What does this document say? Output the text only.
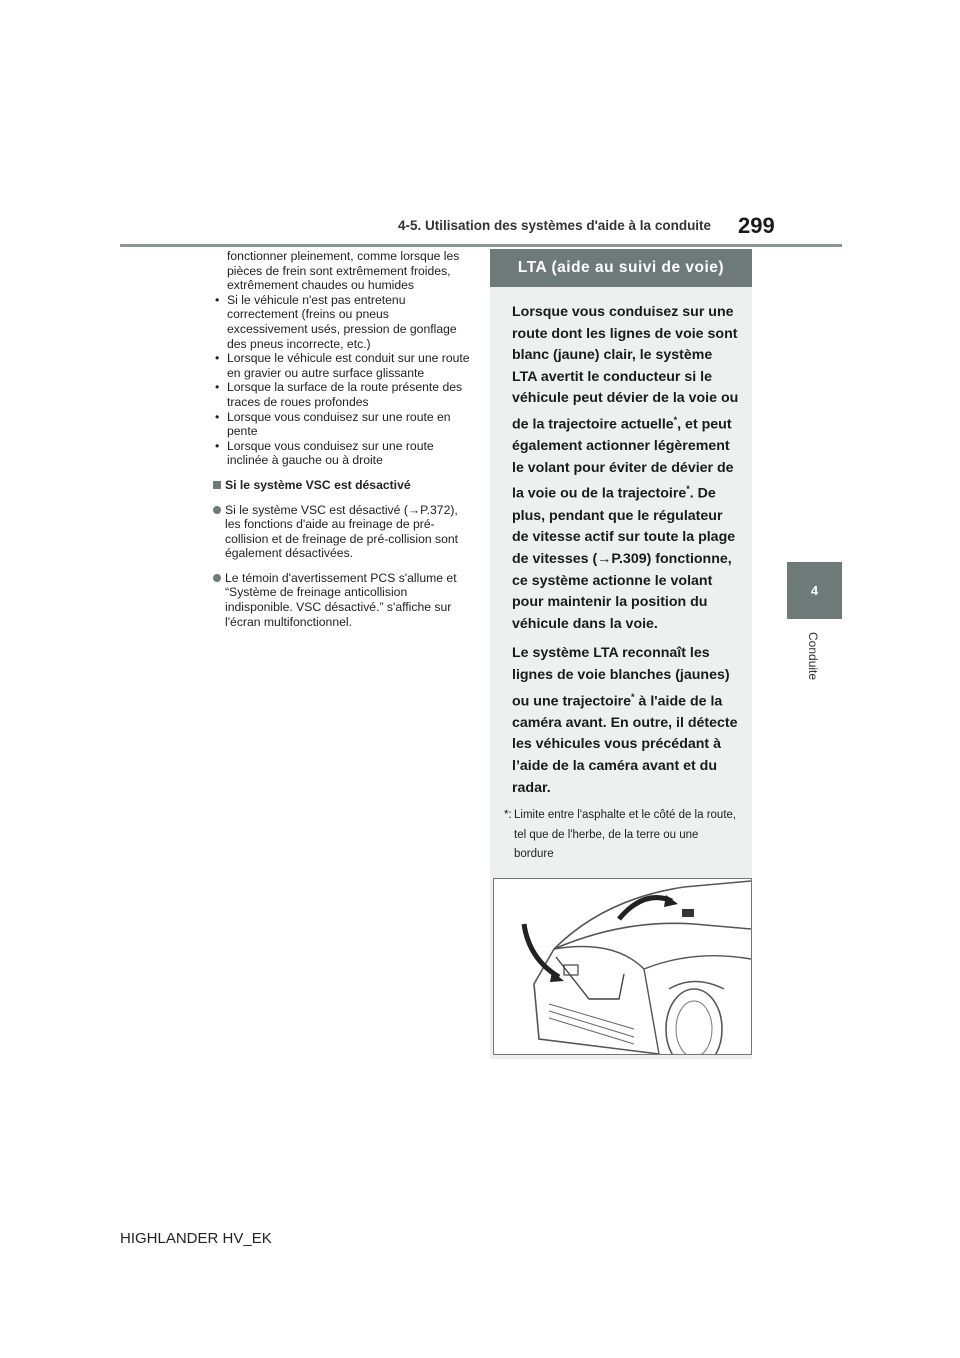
4-5. Utilisation des systèmes d'aide à la conduite 299
4
Conduite

fonctionner pleinement, comme lorsque les pièces de frein sont extrêmement froides, extrêmement chaudes ou humides

• Si le véhicule n'est pas entretenu correctement (freins ou pneus excessivement usés, pression de gonflage des pneus incorrecte, etc.)
• Lorsque le véhicule est conduit sur une route en gravier ou autre surface glissante
• Lorsque la surface de la route présente des traces de roues profondes
• Lorsque vous conduisez sur une route en pente
• Lorsque vous conduisez sur une route inclinée à gauche ou à droite
Si le système VSC est désactivé
Si le système VSC est désactivé (→P.372), les fonctions d'aide au freinage de pré-collision et de freinage de pré-collision sont également désactivées.
Le témoin d'avertissement PCS s'allume et “Système de freinage anticollision indisponible. VSC désactivé.” s'affiche sur l'écran multifonctionnel.
LTA (aide au suivi de voie)

Lorsque vous conduisez sur une route dont les lignes de voie sont blanc (jaune) clair, le système LTA avertit le conducteur si le véhicule peut dévier de la voie ou de la trajectoire actuelle*, et peut également actionner légèrement le volant pour éviter de dévier de la voie ou de la trajectoire*. De plus, pendant que le régulateur de vitesse actif sur toute la plage de vitesses (→P.309) fonctionne, ce système actionne le volant pour maintenir la position du véhicule dans la voie.

Le système LTA reconnaît les lignes de voie blanches (jaunes) ou une trajectoire* à l'aide de la caméra avant. En outre, il détecte les véhicules vous précédant à l’aide de la caméra avant et du radar.

*: Limite entre l'asphalte et le côté de la route, tel que de l'herbe, de la terre ou une bordure
HIGHLANDER HV_EK
